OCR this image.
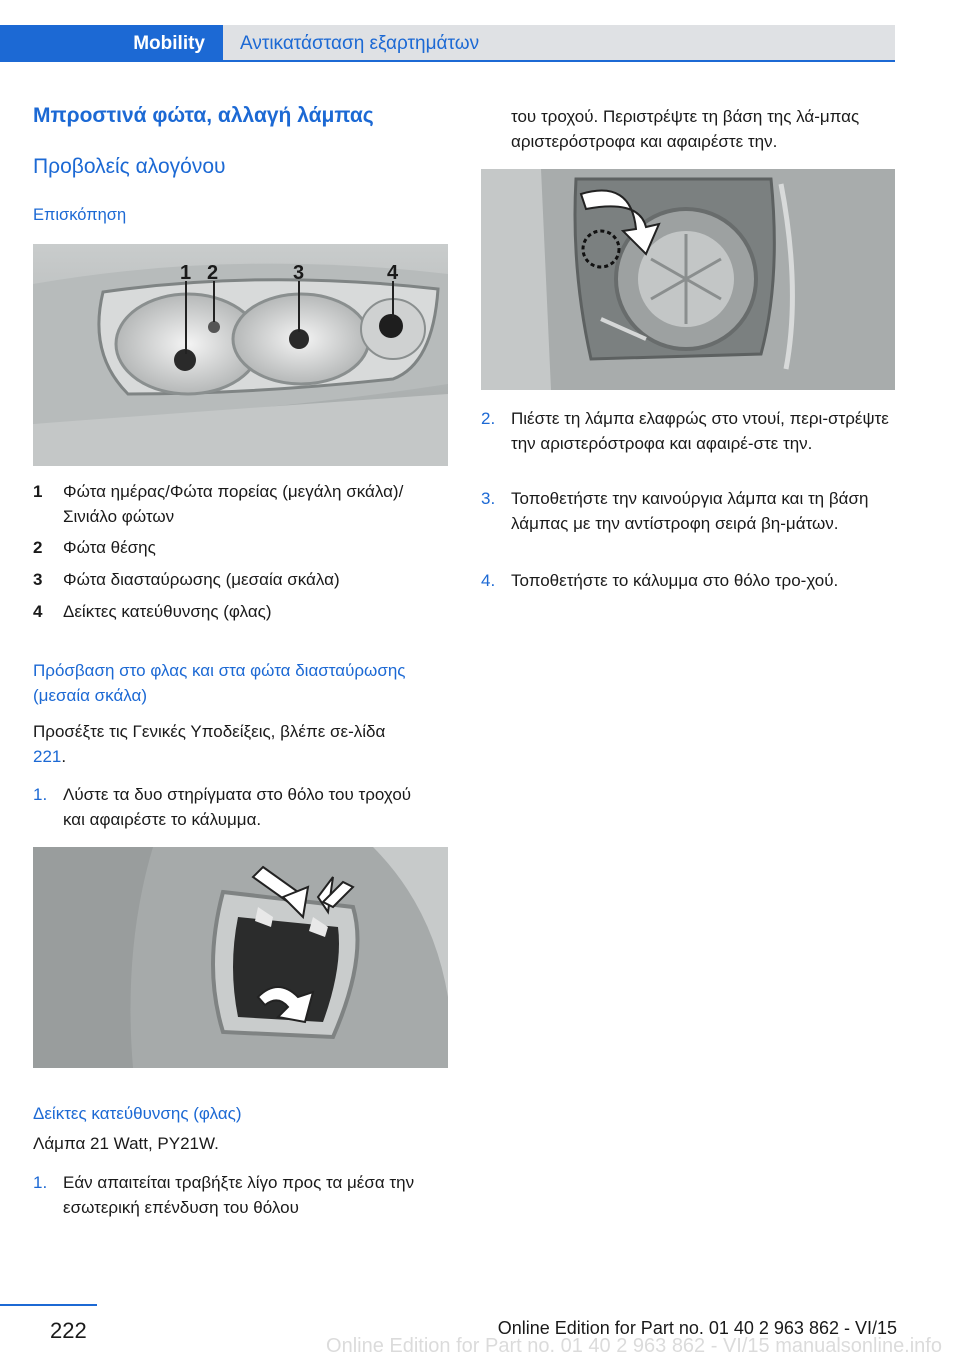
Mobility Αντικατάσταση εξαρτημάτων
Μπροστινά φώτα, αλλαγή λάμπας
Προβολείς αλογόνου
Επισκόπηση
1 2	3	4
1	Φώτα ημέρας/Φώτα πορείας (μεγάλη σκάλα)/Σινιάλο φώτων
2	Φώτα θέσης
3	Φώτα διασταύρωσης (μεσαία σκάλα)
4	Δείκτες κατεύθυνσης (φλας)
Πρόσβαση στο φλας και στα φώτα διασταύρωσης (μεσαία σκάλα)
Προσέξτε τις Γενικές Υποδείξεις, βλέπε σε-λίδα 221.
1. Λύστε τα δυο στηρίγματα στο θόλο του τροχού και αφαιρέστε το κάλυμμα.
Δείκτες κατεύθυνσης (φλας)
Λάμπα 21 Watt, PY21W.
1. Εάν απαιτείται τραβήξτε λίγο προς τα μέσα την εσωτερική επένδυση του θόλου
του τροχού. Περιστρέψτε τη βάση της λά-μπας αριστερόστροφα και αφαιρέστε την.
2. Πιέστε τη λάμπα ελαφρώς στο ντουί, περι-στρέψτε την αριστερόστροφα και αφαιρέ-στε την.
3. Τοποθετήστε την καινούργια λάμπα και τη βάση λάμπας με την αντίστροφη σειρά βη-μάτων.
4. Τοποθετήστε το κάλυμμα στο θόλο τρο-χού.
222	Online Edition for Part no. 01 40 2 963 862 - VI/15
Online Edition for Part no. 01 40 2 963 862 - VI/15 manualsonline.info
